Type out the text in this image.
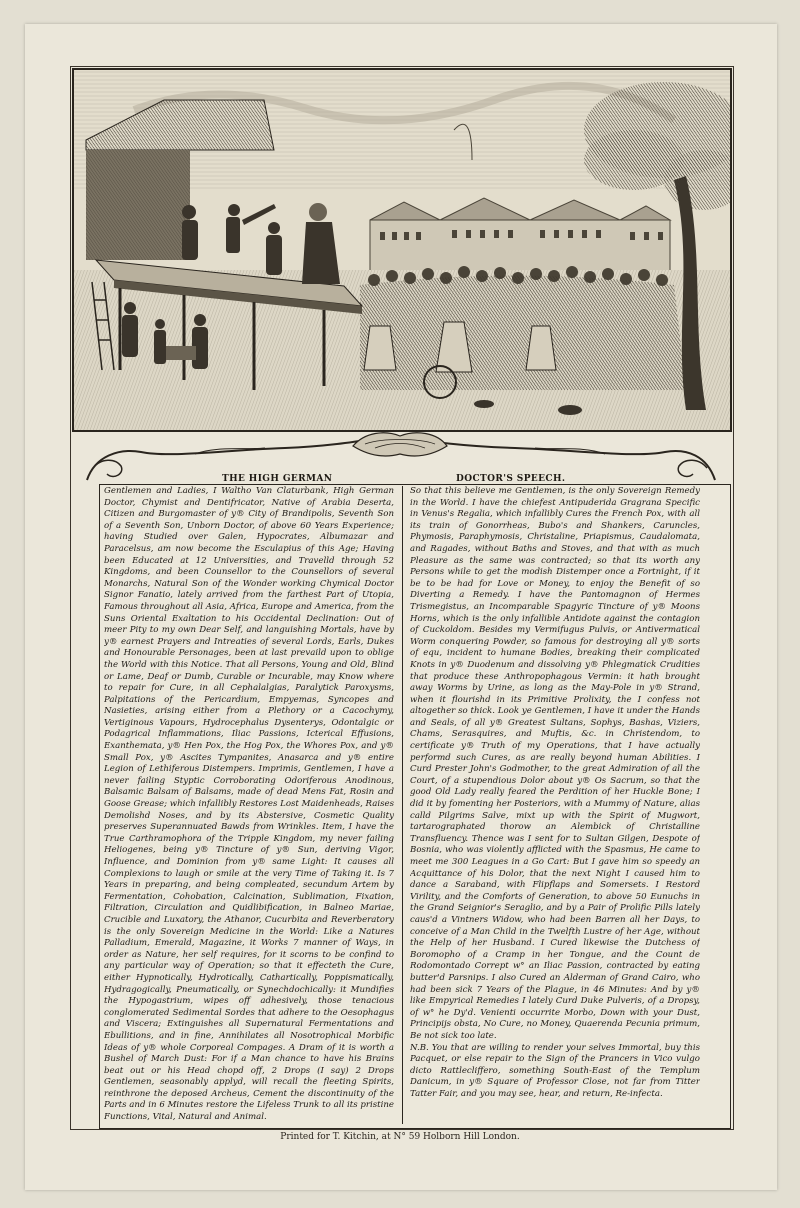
THE HIGH GERMAN	DOCTOR'S SPEECH.

Gentlemen and Ladies, I Waltho Van Claturbank, High German Doctor, Chymist and Dentifricator, Native of Arabia Deserta, Citizen and Burgomaster of y® City of Brandipolis, Seventh Son of a Seventh Son, Unborn Doctor, of above 60 Years Experience; having Studied over Galen, Hypocrates, Albumazar and Paracelsus, am now become the Esculapius of this Age; Having been Educated at 12 Universities, and Travelld through 52 Kingdoms, and been Counsellor to the Counsellors of several Monarchs, Natural Son of the Wonder working Chymical Doctor Signor Fanatio, lately arrived from the farthest Part of Utopia, Famous throughout all Asia, Africa, Europe and America, from the Suns Oriental Exaltation to his Occidental Declination: Out of meer Pity to my own Dear Self, and languishing Mortals, have by y® earnest Prayers and Intreaties of several Lords, Earls, Dukes and Honourable Personages, been at last prevaild upon to oblige the World with this Notice. That all Persons, Young and Old, Blind or Lame, Deaf or Dumb, Curable or Incurable, may Know where to repair for Cure, in all Cephalalgias, Paralytick Paroxysms, Palpitations of the Pericardium, Empyemas, Syncopes and Nasieties, arising either from a Plethory or a Cacochymy, Vertiginous Vapours, Hydrocephalus Dysenterys, Odontalgic or Podagrical Inflammations, Iliac Passions, Icterical Effusions, Exanthemata, y® Hen Pox, the Hog Pox, the Whores Pox, and y® Small Pox, y® Ascites Tympanites, Anasarca and y® entire Legion of Lethiferous Distempers. Imprimis, Gentlemen, I have a never failing Styptic Corroborating Odoriferous Anodinous, Balsamic Balsam of Balsams, made of dead Mens Fat, Rosin and Goose Grease; which infallibly Restores Lost Maidenheads, Raises Demolishd Noses, and by its Abstersive, Cosmetic Quality preserves Superannuated Bawds from Wrinkles. Item, I have the True Carthramophora of the Tripple Kingdom, my never failing Heliogenes, being y® Tincture of y® Sun, deriving Vigor, Influence, and Dominion from y® same Light: It causes all Complexions to laugh or smile at the very Time of Taking it. Is 7 Years in preparing, and being compleated, secundum Artem by Fermentation, Cohobation, Calcination, Sublimation, Fixation, Filtration, Circulation and Quidlibification, in Balneo Mariae, Crucible and Luxatory, the Athanor, Cucurbita and Reverberatory is the only Sovereign Medicine in the World: Like a Natures Palladium, Emerald, Magazine, it Works 7 manner of Ways, in order as Nature, her self requires, for it scorns to be confind to any particular way of Operation; so that it effecteth the Cure, either Hypnotically, Hydrotically, Cathartically, Poppismatically, Hydragogically, Pneumatically, or Synechdochically: it Mundifies the Hypogastrium, wipes off adhesively, those tenacious conglomerated Sedimental Sordes that adhere to the Oesophagus and Viscera; Extinguishes all Supernatural Fermentations and Ebullitions, and in fine, Annihilates all Nosotrophical Morbific Ideas of y® whole Corporeal Compages. A Dram of it is worth a Bushel of March Dust: For if a Man chance to have his Brains beat out or his Head chopd off, 2 Drops (I say) 2 Drops Gentlemen, seasonably applyd, will recall the fleeting Spirits, reinthrone the deposed Archeus, Cement the discontinuity of the Parts and in 6 Minutes restore the Lifeless Trunk to all its pristine Functions, Vital, Natural and Animal.

So that this believe me Gentlemen, is the only Sovereign Remedy in the World. I have the chiefest Antipuderida Gragrana Specific in Venus's Regalia, which infallibly Cures the French Pox, with all its train of Gonorrheas, Bubo's and Shankers, Caruncles, Phymosis, Paraphymosis, Christaline, Priapismus, Caudalomata, and Ragades, without Baths and Stoves, and that with as much Pleasure as the same was contracted; so that its worth any Persons while to get the modish Distemper once a Fortnight, if it be to be had for Love or Money, to enjoy the Benefit of so Diverting a Remedy. I have the Pantomagnon of Hermes Trismegistus, an Incomparable Spagyric Tincture of y® Moons Horns, which is the only infallible Antidote against the contagion of Cuckoldom. Besides my Vermifugus Pulvis, or Antivermatical Worm conquering Powder, so famous for destroying all y® sorts of equ, incident to humane Bodies, breaking their complicated Knots in y® Duodenum and dissolving y® Phlegmatick Crudities that produce these Anthropophagous Vermin: it hath brought away Worms by Urine, as long as the May-Pole in y® Strand, when it flourishd in its Primitive Prolixity, the I confess not altogether so thick. Look ye Gentlemen, I have it under the Hands and Seals, of all y® Greatest Sultans, Sophys, Bashas, Viziers, Chams, Serasquires, and Muftis, &c. in Christendom, to certificate y® Truth of my Operations, that I have actually performd such Cures, as are really beyond human Abilities. I Curd Prester John's Godmother, to the great Admiration of all the Court, of a stupendious Dolor about y® Os Sacrum, so that the good Old Lady really feared the Perdition of her Huckle Bone; I did it by fomenting her Posteriors, with a Mummy of Nature, alias calld Pilgrims Salve, mixt up with the Spirit of Mugwort, tartarographated thorow an Alembick of Christalline Transfluency. Thence was I sent for to Sultan Gilgen, Despote of Bosnia, who was violently afflicted with the Spasmus, He came to meet me 300 Leagues in a Go Cart: But I gave him so speedy an Acquittance of his Dolor, that the next Night I caused him to dance a Saraband, with Flipflaps and Somersets. I Restord Virility, and the Comforts of Generation, to above 50 Eunuchs in the Grand Seignior's Seraglio, and by a Pair of Prolific Pills lately caus'd a Vintners Widow, who had been Barren all her Days, to conceive of a Man Child in the Twelfth Lustre of her Age, without the Help of her Husband. I Cured likewise the Dutchess of Boromopho of a Cramp in her Tongue, and the Count de Rodomontado Corrept w° an Iliac Passion, contracted by eating butter'd Parsnips. I also Cured an Alderman of Grand Cairo, who had been sick 7 Years of the Plague, in 46 Minutes: And by y® like Empyrical Remedies I lately Curd Duke Pulveris, of a Dropsy, of w° he Dy'd. Venienti occurrite Morbo, Down with your Dust, Principijs obsta, No Cure, no Money, Quaerenda Pecunia primum, Be not sick too late.

N.B. You that are willing to render your selves Immortal, buy this Pacquet, or else repair to the Sign of the Prancers in Vico vulgo dicto Rattlecliffero, something South-East of the Templum Danicum, in y® Square of Professor Close, not far from Titter Tatter Fair, and you may see, hear, and return, Re-infecta.

Printed for T. Kitchin, at N° 59 Holborn Hill London.
